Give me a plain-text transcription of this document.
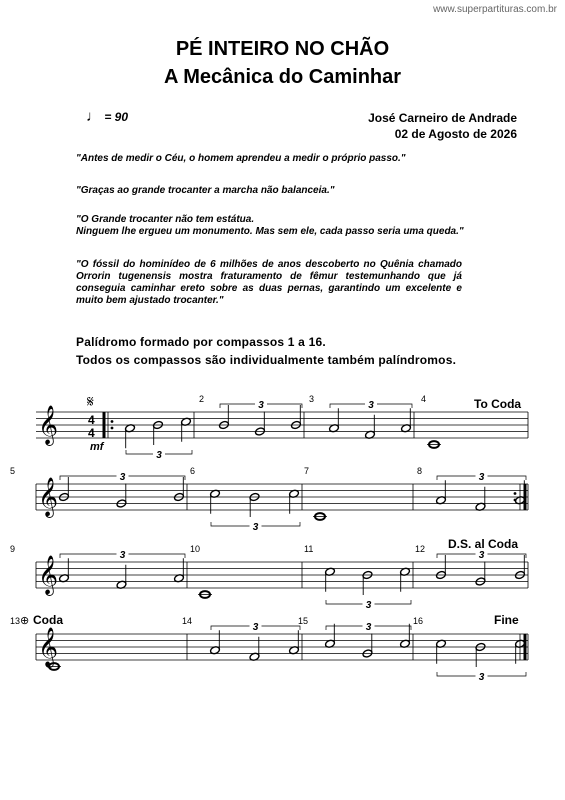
www.superpartituras.com.br
PÉ INTEIRO NO CHÃO
A Mecânica do Caminhar
♩ = 90	José Carneiro de Andrade
02 de Agosto de 2026
"Antes de medir o Céu, o homem aprendeu a medir o próprio passo."
"Graças ao grande trocanter a marcha não balanceia."
"O Grande trocanter não tem estátua.
Ninguem lhe ergueu um monumento. Mas sem ele, cada passo seria uma queda."
"O fóssil do hominídeo de 6 milhões de anos descoberto no Quênia chamado Orrorin tugenensis mostra fraturamento de fêmur testemunhando que já conseguia caminhar ereto sobre as duas pernas, garantindo um excelente e muito bem ajustado trocanter."
Palídromo formado por compassos 1 a 16.
Todos os compassos são individualmente também palíndromos.
𝄞
𝄞
𝄞
𝄞
4
4
𝄋
mf
3
3	3
3
3
3
3
3
3
3	3
3
2	3	4
5	6	7	8
9	10	11	12
13	14	15	16
To Coda
D.S. al Coda
⊕ Coda	Fine
